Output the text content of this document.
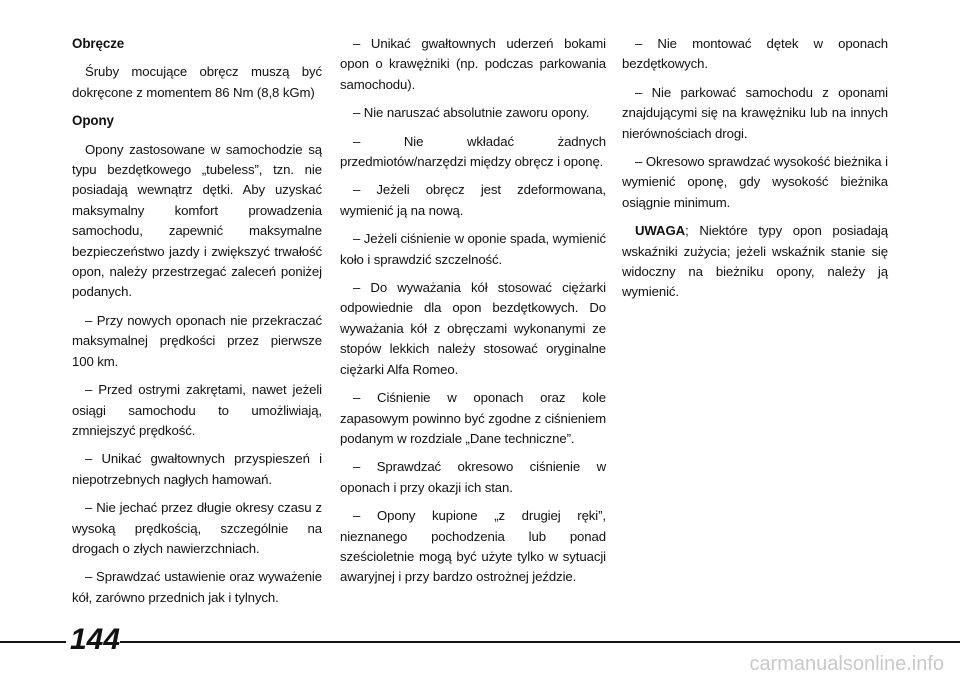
Obręcze

Śruby mocujące obręcz muszą być dokręcone z momentem 86 Nm (8,8 kGm)

Opony

Opony zastosowane w samochodzie są typu bezdętkowego „tubeless”, tzn. nie posiadają wewnątrz dętki. Aby uzyskać maksymalny komfort prowadzenia samochodu, zapewnić maksymalne bezpieczeństwo jazdy i zwiększyć trwałość opon, należy przestrzegać zaleceń poniżej podanych.

– Przy nowych oponach nie przekraczać maksymalnej prędkości przez pierwsze 100 km.

– Przed ostrymi zakrętami, nawet jeżeli osiągi samochodu to umożliwiają, zmniejszyć prędkość.

– Unikać gwałtownych przyspieszeń i niepotrzebnych nagłych hamowań.

– Nie jechać przez długie okresy czasu z wysoką prędkością, szczególnie na drogach o złych nawierzchniach.

– Sprawdzać ustawienie oraz wyważenie kół, zarówno przednich jak i tylnych.

– Unikać gwałtownych uderzeń bokami opon o krawężniki (np. podczas parkowania samochodu).

– Nie naruszać absolutnie zaworu opony.

– Nie wkładać żadnych przedmiotów/narzędzi między obręcz i oponę.

– Jeżeli obręcz jest zdeformowana, wymienić ją na nową.

– Jeżeli ciśnienie w oponie spada, wymienić koło i sprawdzić szczelność.

– Do wyważania kół stosować ciężarki odpowiednie dla opon bezdętkowych. Do wyważania kół z obręczami wykonanymi ze stopów lekkich należy stosować oryginalne ciężarki Alfa Romeo.

– Ciśnienie w oponach oraz kole zapasowym powinno być zgodne z ciśnieniem podanym w rozdziale „Dane techniczne”.

– Sprawdzać okresowo ciśnienie w oponach i przy okazji ich stan.

– Opony kupione „z drugiej ręki”, nieznanego pochodzenia lub ponad sześcioletnie mogą być użyte tylko w sytuacji awaryjnej i przy bardzo ostrożnej jeździe.

– Nie montować dętek w oponach bezdętkowych.

– Nie parkować samochodu z oponami znajdującymi się na krawężniku lub na innych nierównościach drogi.

– Okresowo sprawdzać wysokość bieżnika i wymienić oponę, gdy wysokość bieżnika osiągnie minimum.

UWAGA; Niektóre typy opon posiadają wskaźniki zużycia; jeżeli wskaźnik stanie się widoczny na bieżniku opony, należy ją wymienić.

144
carmanualsonline.info
